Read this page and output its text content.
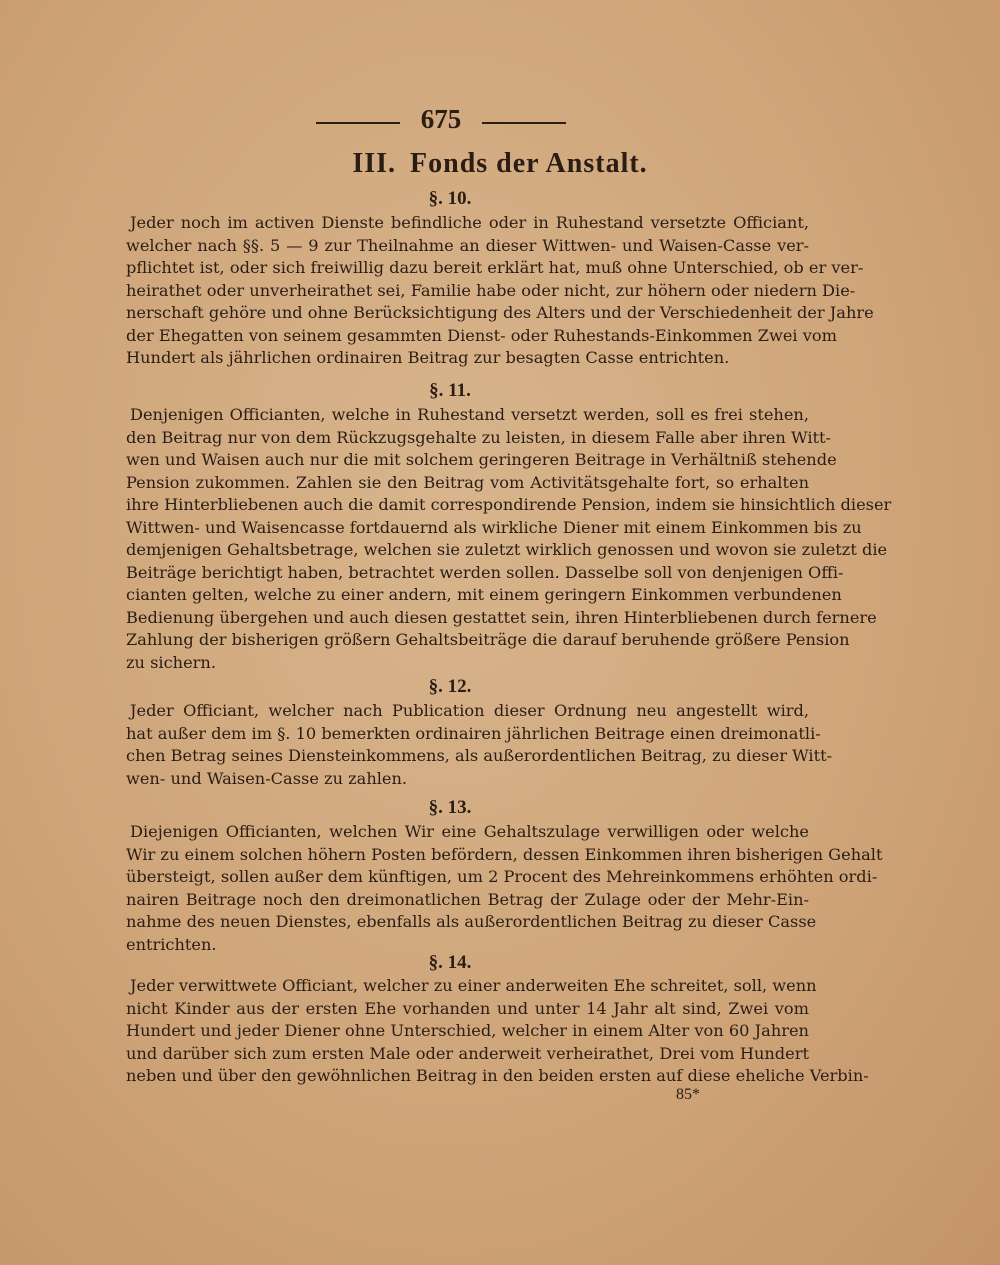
675
III. Fonds der Anstalt.
§. 10.
Jeder noch im activen Dienste befindliche oder in Ruhestand versetzte Officiant,
welcher nach §§. 5 — 9 zur Theilnahme an dieser Wittwen- und Waisen-Casse ver-
pflichtet ist, oder sich freiwillig dazu bereit erklärt hat, muß ohne Unterschied, ob er ver-
heirathet oder unverheirathet sei, Familie habe oder nicht, zur höhern oder niedern Die-
nerschaft gehöre und ohne Berücksichtigung des Alters und der Verschiedenheit der Jahre
der Ehegatten von seinem gesammten Dienst- oder Ruhestands-Einkommen Zwei vom
Hundert als jährlichen ordinairen Beitrag zur besagten Casse entrichten.
§. 11.
Denjenigen Officianten, welche in Ruhestand versetzt werden, soll es frei stehen,
den Beitrag nur von dem Rückzugsgehalte zu leisten, in diesem Falle aber ihren Witt-
wen und Waisen auch nur die mit solchem geringeren Beitrage in Verhältniß stehende
Pension zukommen. Zahlen sie den Beitrag vom Activitätsgehalte fort, so erhalten
ihre Hinterbliebenen auch die damit correspondirende Pension, indem sie hinsichtlich dieser
Wittwen- und Waisencasse fortdauernd als wirkliche Diener mit einem Einkommen bis zu
demjenigen Gehaltsbetrage, welchen sie zuletzt wirklich genossen und wovon sie zuletzt die
Beiträge berichtigt haben, betrachtet werden sollen. Dasselbe soll von denjenigen Offi-
cianten gelten, welche zu einer andern, mit einem geringern Einkommen verbundenen
Bedienung übergehen und auch diesen gestattet sein, ihren Hinterbliebenen durch fernere
Zahlung der bisherigen größern Gehaltsbeiträge die darauf beruhende größere Pension
zu sichern.
§. 12.
Jeder Officiant, welcher nach Publication dieser Ordnung neu angestellt wird,
hat außer dem im §. 10 bemerkten ordinairen jährlichen Beitrage einen dreimonatli-
chen Betrag seines Diensteinkommens, als außerordentlichen Beitrag, zu dieser Witt-
wen- und Waisen-Casse zu zahlen.
§. 13.
Diejenigen Officianten, welchen Wir eine Gehaltszulage verwilligen oder welche
Wir zu einem solchen höhern Posten befördern, dessen Einkommen ihren bisherigen Gehalt
übersteigt, sollen außer dem künftigen, um 2 Procent des Mehreinkommens erhöhten ordi-
nairen Beitrage noch den dreimonatlichen Betrag der Zulage oder der Mehr-Ein-
nahme des neuen Dienstes, ebenfalls als außerordentlichen Beitrag zu dieser Casse
entrichten.
§. 14.
Jeder verwittwete Officiant, welcher zu einer anderweiten Ehe schreitet, soll, wenn
nicht Kinder aus der ersten Ehe vorhanden und unter 14 Jahr alt sind, Zwei vom
Hundert und jeder Diener ohne Unterschied, welcher in einem Alter von 60 Jahren
und darüber sich zum ersten Male oder anderweit verheirathet, Drei vom Hundert
neben und über den gewöhnlichen Beitrag in den beiden ersten auf diese eheliche Verbin-
85*
